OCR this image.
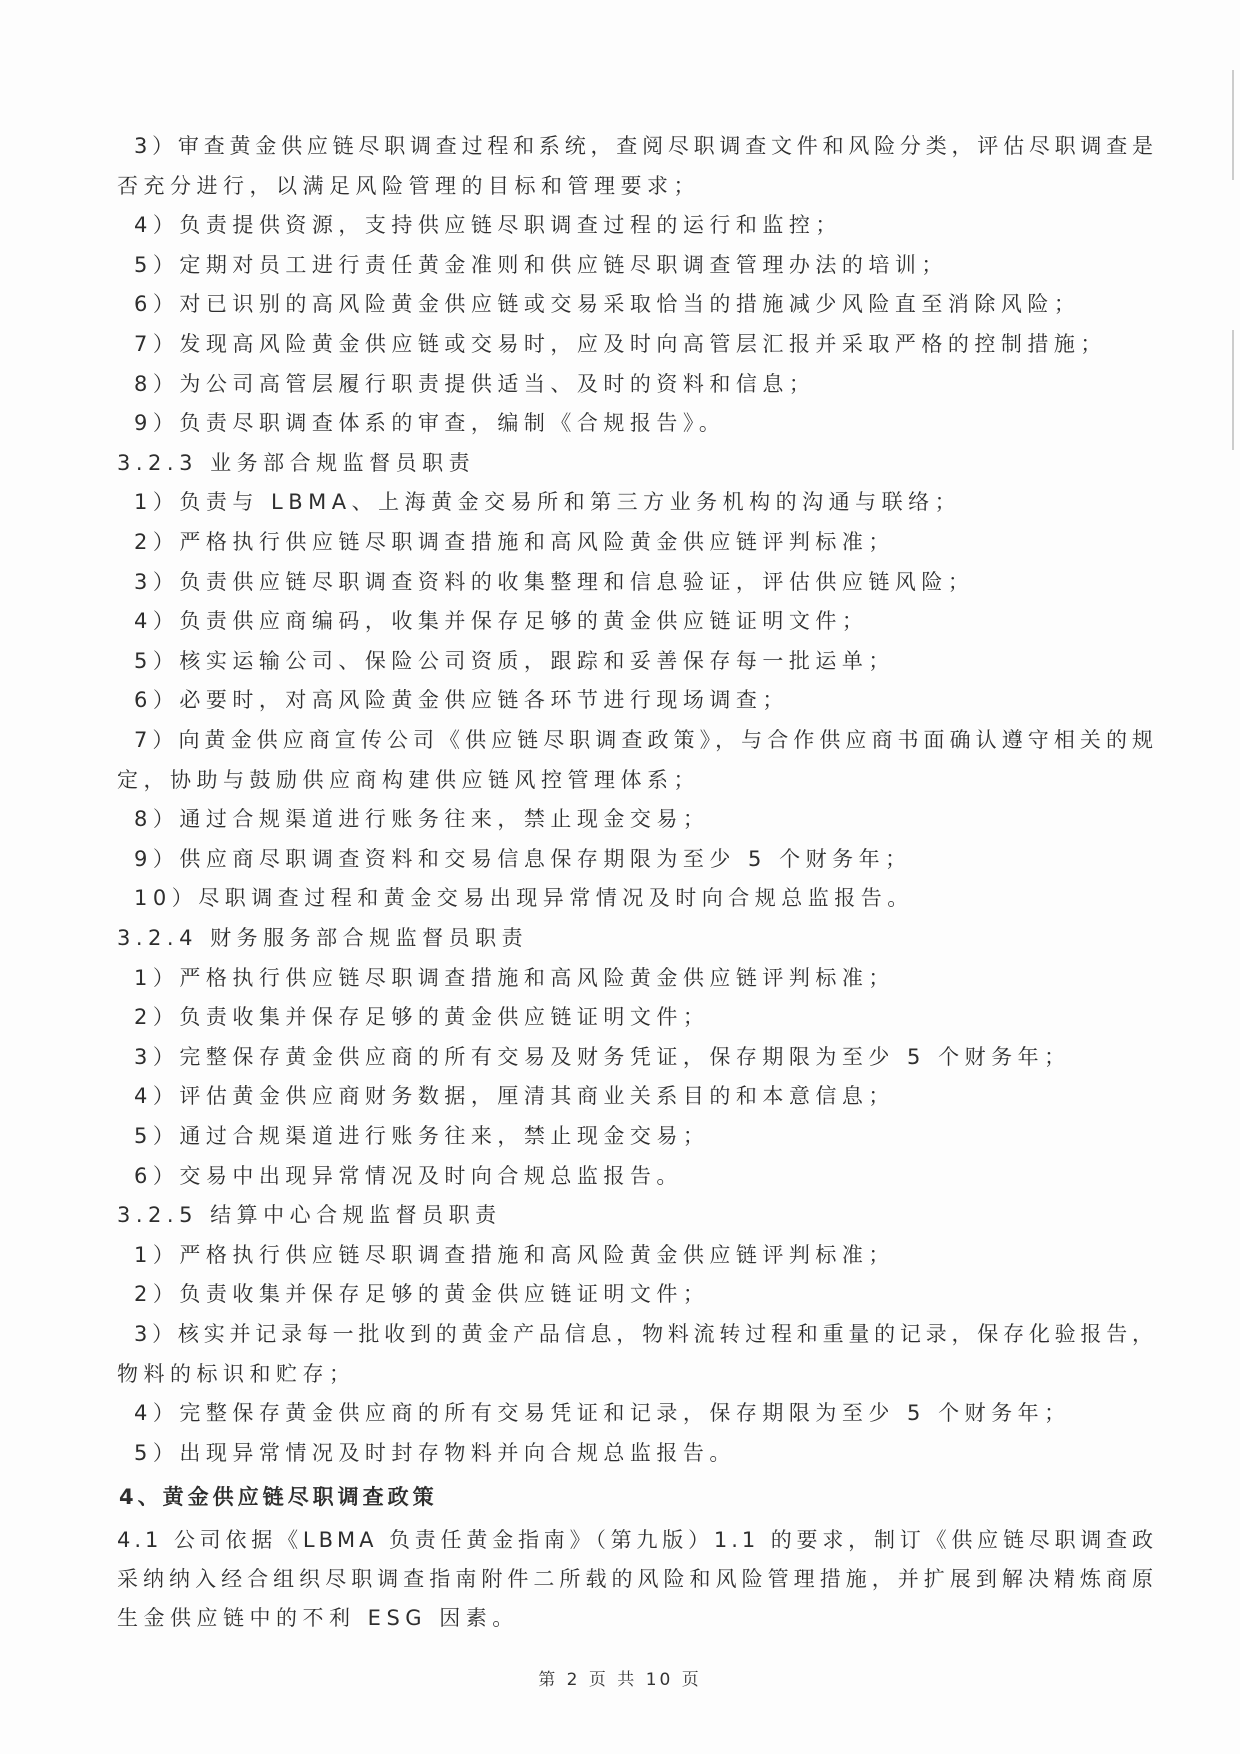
3）审查黄金供应链尽职调查过程和系统，查阅尽职调查文件和风险分类，评估尽职调查是
否充分进行，以满足风险管理的目标和管理要求；
4）负责提供资源，支持供应链尽职调查过程的运行和监控；
5）定期对员工进行责任黄金准则和供应链尽职调查管理办法的培训；
6）对已识别的高风险黄金供应链或交易采取恰当的措施减少风险直至消除风险；
7）发现高风险黄金供应链或交易时，应及时向高管层汇报并采取严格的控制措施；
8）为公司高管层履行职责提供适当、及时的资料和信息；
9）负责尽职调查体系的审查，编制《合规报告》。
3.2.3 业务部合规监督员职责
1）负责与 LBMA、上海黄金交易所和第三方业务机构的沟通与联络；
2）严格执行供应链尽职调查措施和高风险黄金供应链评判标准；
3）负责供应链尽职调查资料的收集整理和信息验证，评估供应链风险；
4）负责供应商编码，收集并保存足够的黄金供应链证明文件；
5）核实运输公司、保险公司资质，跟踪和妥善保存每一批运单；
6）必要时，对高风险黄金供应链各环节进行现场调查；
7）向黄金供应商宣传公司《供应链尽职调查政策》，与合作供应商书面确认遵守相关的规
定，协助与鼓励供应商构建供应链风控管理体系；
8）通过合规渠道进行账务往来，禁止现金交易；
9）供应商尽职调查资料和交易信息保存期限为至少 5 个财务年；
10）尽职调查过程和黄金交易出现异常情况及时向合规总监报告。
3.2.4 财务服务部合规监督员职责
1）严格执行供应链尽职调查措施和高风险黄金供应链评判标准；
2）负责收集并保存足够的黄金供应链证明文件；
3）完整保存黄金供应商的所有交易及财务凭证，保存期限为至少 5 个财务年；
4）评估黄金供应商财务数据，厘清其商业关系目的和本意信息；
5）通过合规渠道进行账务往来，禁止现金交易；
6）交易中出现异常情况及时向合规总监报告。
3.2.5 结算中心合规监督员职责
1）严格执行供应链尽职调查措施和高风险黄金供应链评判标准；
2）负责收集并保存足够的黄金供应链证明文件；
3）核实并记录每一批收到的黄金产品信息，物料流转过程和重量的记录，保存化验报告，
物料的标识和贮存；
4）完整保存黄金供应商的所有交易凭证和记录，保存期限为至少 5 个财务年；
5）出现异常情况及时封存物料并向合规总监报告。
4、黄金供应链尽职调查政策
4.1 公司依据《LBMA 负责任黄金指南》（第九版）1.1 的要求，制订《供应链尽职调查政
采纳纳入经合组织尽职调查指南附件二所载的风险和风险管理措施，并扩展到解决精炼商原
生金供应链中的不利 ESG 因素。
第 2 页 共 10 页
